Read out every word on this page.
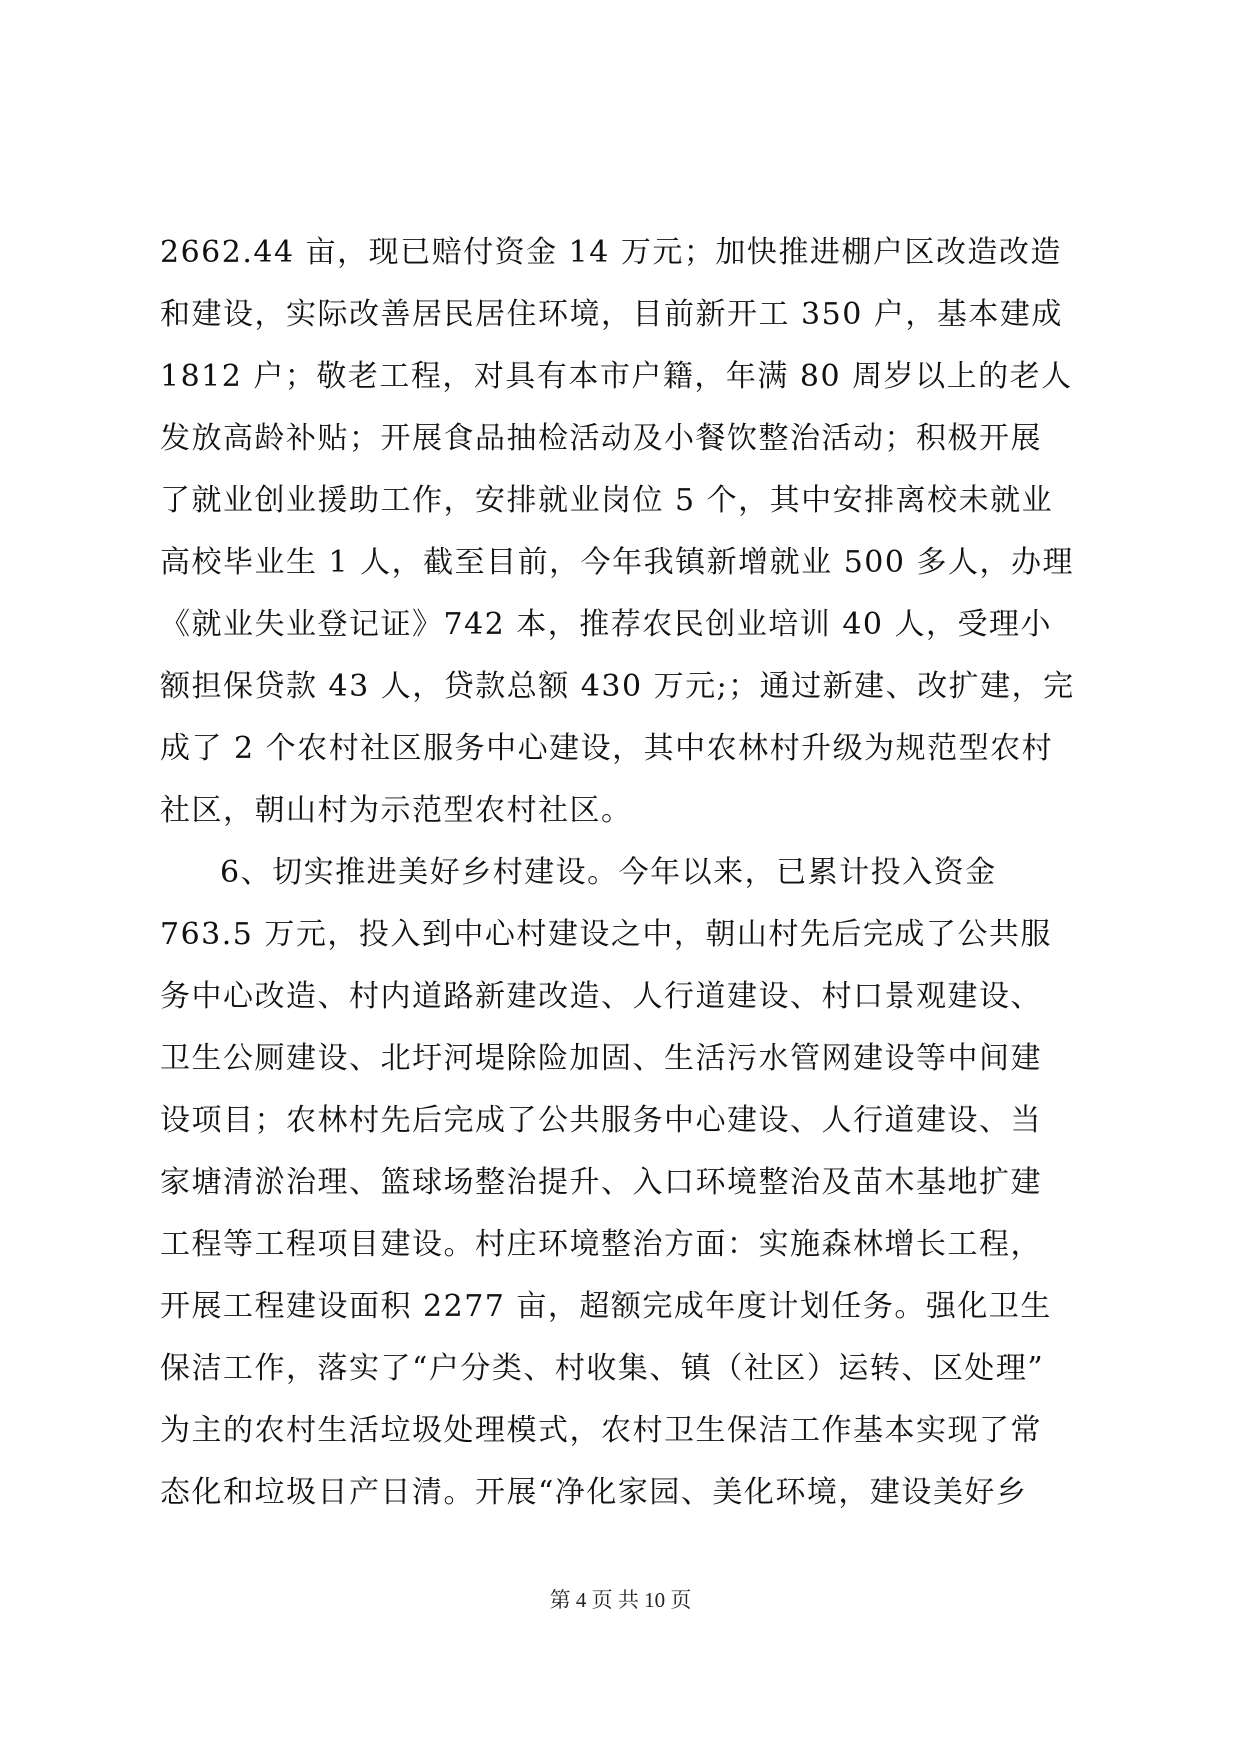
2662.44 亩，现已赔付资金 14 万元；加快推进棚户区改造改造
和建设，实际改善居民居住环境，目前新开工 350 户，基本建成
1812 户；敬老工程，对具有本市户籍，年满 80 周岁以上的老人
发放高龄补贴；开展食品抽检活动及小餐饮整治活动；积极开展
了就业创业援助工作，安排就业岗位 5 个，其中安排离校未就业
高校毕业生 1 人，截至目前，今年我镇新增就业 500 多人，办理
《就业失业登记证》742 本，推荐农民创业培训 40 人，受理小
额担保贷款 43 人，贷款总额 430 万元;；通过新建、改扩建，完
成了 2 个农村社区服务中心建设，其中农林村升级为规范型农村
社区，朝山村为示范型农村社区。
6、切实推进美好乡村建设。今年以来，已累计投入资金
763.5 万元，投入到中心村建设之中，朝山村先后完成了公共服
务中心改造、村内道路新建改造、人行道建设、村口景观建设、
卫生公厕建设、北圩河堤除险加固、生活污水管网建设等中间建
设项目；农林村先后完成了公共服务中心建设、人行道建设、当
家塘清淤治理、篮球场整治提升、入口环境整治及苗木基地扩建
工程等工程项目建设。村庄环境整治方面：实施森林增长工程，
开展工程建设面积 2277 亩，超额完成年度计划任务。强化卫生
保洁工作，落实了“户分类、村收集、镇（社区）运转、区处理”
为主的农村生活垃圾处理模式，农村卫生保洁工作基本实现了常
态化和垃圾日产日清。开展“净化家园、美化环境，建设美好乡
第 4 页 共 10 页
